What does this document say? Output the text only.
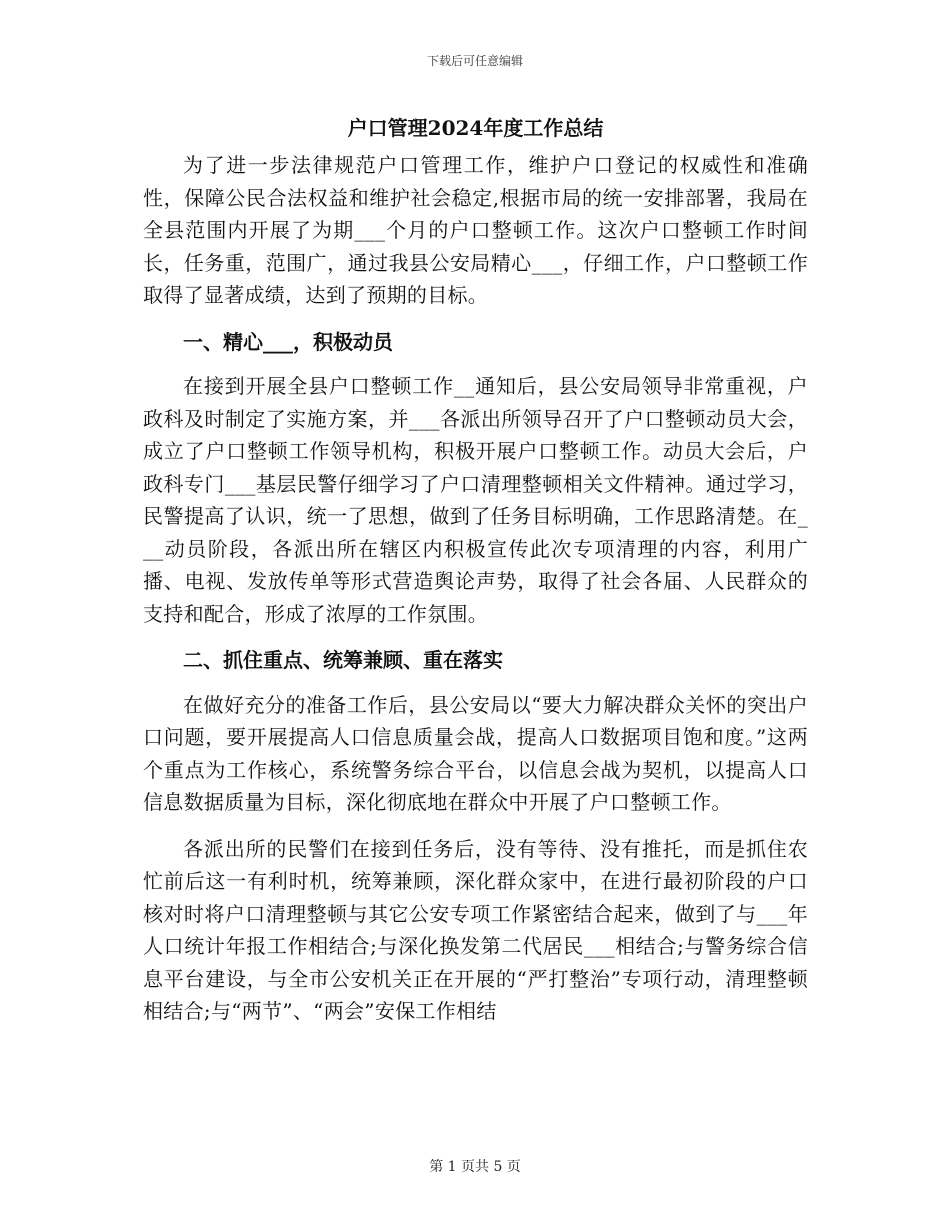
下载后可任意编辑
户口管理2024年度工作总结

为了进一步法律规范户口管理工作，维护户口登记的权威性和准确性，保障公民合法权益和维护社会稳定,根据市局的统一安排部署，我局在全县范围内开展了为期___个月的户口整顿工作。这次户口整顿工作时间长，任务重，范围广，通过我县公安局精心___，仔细工作，户口整顿工作取得了显著成绩，达到了预期的目标。

一、精心___，积极动员

在接到开展全县户口整顿工作__通知后，县公安局领导非常重视，户政科及时制定了实施方案，并___各派出所领导召开了户口整顿动员大会，成立了户口整顿工作领导机构，积极开展户口整顿工作。动员大会后，户政科专门___基层民警仔细学习了户口清理整顿相关文件精神。通过学习，民警提高了认识，统一了思想，做到了任务目标明确，工作思路清楚。在___动员阶段，各派出所在辖区内积极宣传此次专项清理的内容，利用广播、电视、发放传单等形式营造舆论声势，取得了社会各届、人民群众的支持和配合，形成了浓厚的工作氛围。

二、抓住重点、统筹兼顾、重在落实

在做好充分的准备工作后，县公安局以“要大力解决群众关怀的突出户口问题，要开展提高人口信息质量会战，提高人口数据项目饱和度。”这两个重点为工作核心，系统警务综合平台，以信息会战为契机，以提高人口信息数据质量为目标，深化彻底地在群众中开展了户口整顿工作。

各派出所的民警们在接到任务后，没有等待、没有推托，而是抓住农忙前后这一有利时机，统筹兼顾，深化群众家中，在进行最初阶段的户口核对时将户口清理整顿与其它公安专项工作紧密结合起来，做到了与___年人口统计年报工作相结合;与深化换发第二代居民___相结合;与警务综合信息平台建设，与全市公安机关正在开展的“严打整治”专项行动，清理整顿相结合;与“两节”、“两会”安保工作相结

第 1 页共 5 页
